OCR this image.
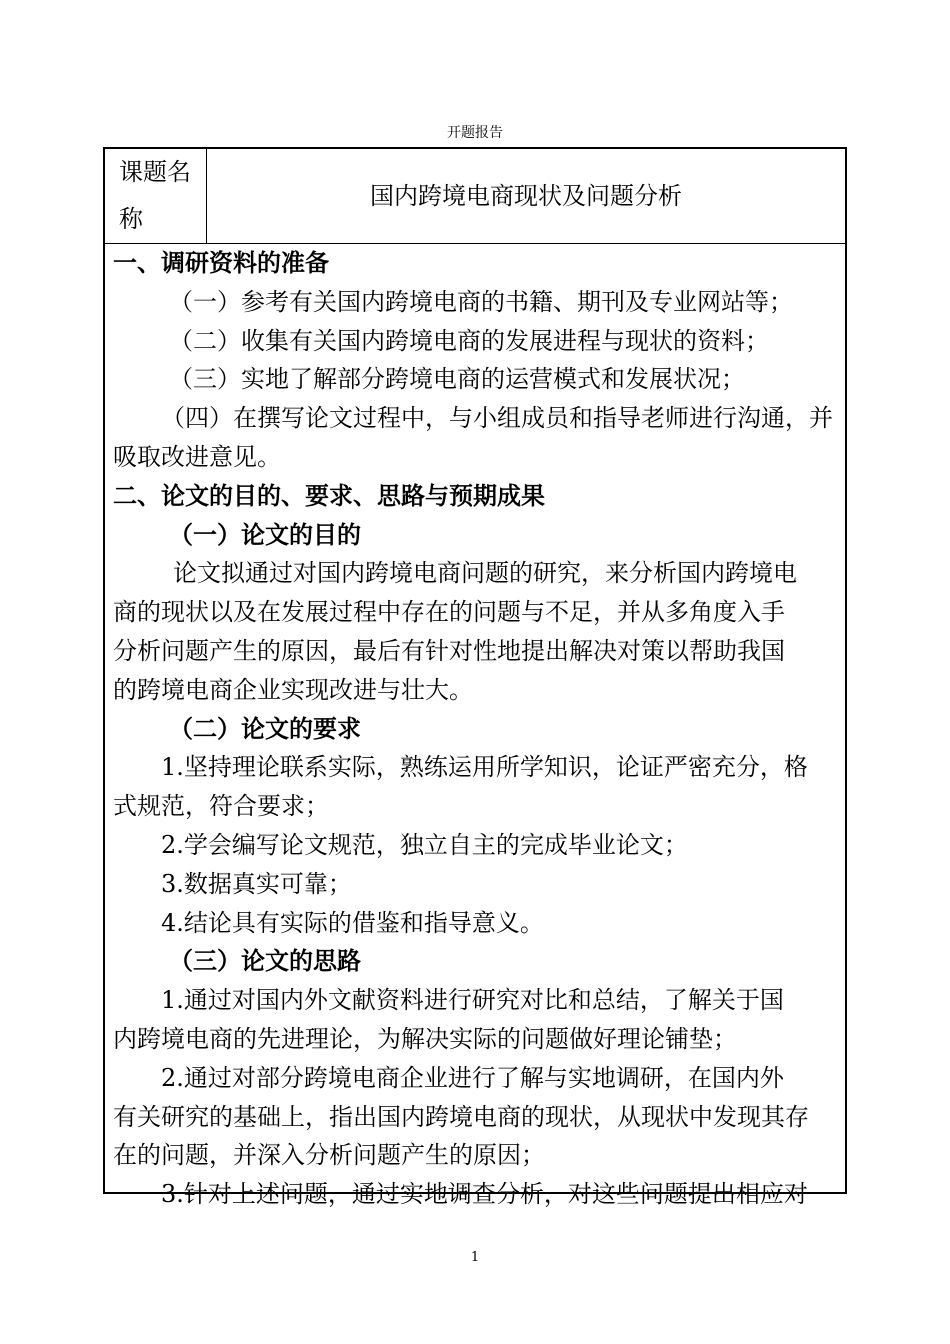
开题报告
课题名
称
国内跨境电商现状及问题分析
一、调研资料的准备
（一）参考有关国内跨境电商的书籍、期刊及专业网站等；
（二）收集有关国内跨境电商的发展进程与现状的资料；
（三）实地了解部分跨境电商的运营模式和发展状况；
（四）在撰写论文过程中，与小组成员和指导老师进行沟通，并
吸取改进意见。
二、论文的目的、要求、思路与预期成果
（一）论文的目的
论文拟通过对国内跨境电商问题的研究，来分析国内跨境电
商的现状以及在发展过程中存在的问题与不足，并从多角度入手
分析问题产生的原因，最后有针对性地提出解决对策以帮助我国
的跨境电商企业实现改进与壮大。
（二）论文的要求
1.坚持理论联系实际，熟练运用所学知识，论证严密充分，格
式规范，符合要求；
2.学会编写论文规范，独立自主的完成毕业论文；
3.数据真实可靠；
4.结论具有实际的借鉴和指导意义。
（三）论文的思路
1.通过对国内外文献资料进行研究对比和总结，了解关于国
内跨境电商的先进理论，为解决实际的问题做好理论铺垫；
2.通过对部分跨境电商企业进行了解与实地调研，在国内外
有关研究的基础上，指出国内跨境电商的现状，从现状中发现其存
在的问题，并深入分析问题产生的原因；
3.针对上述问题，通过实地调查分析，对这些问题提出相应对
1
